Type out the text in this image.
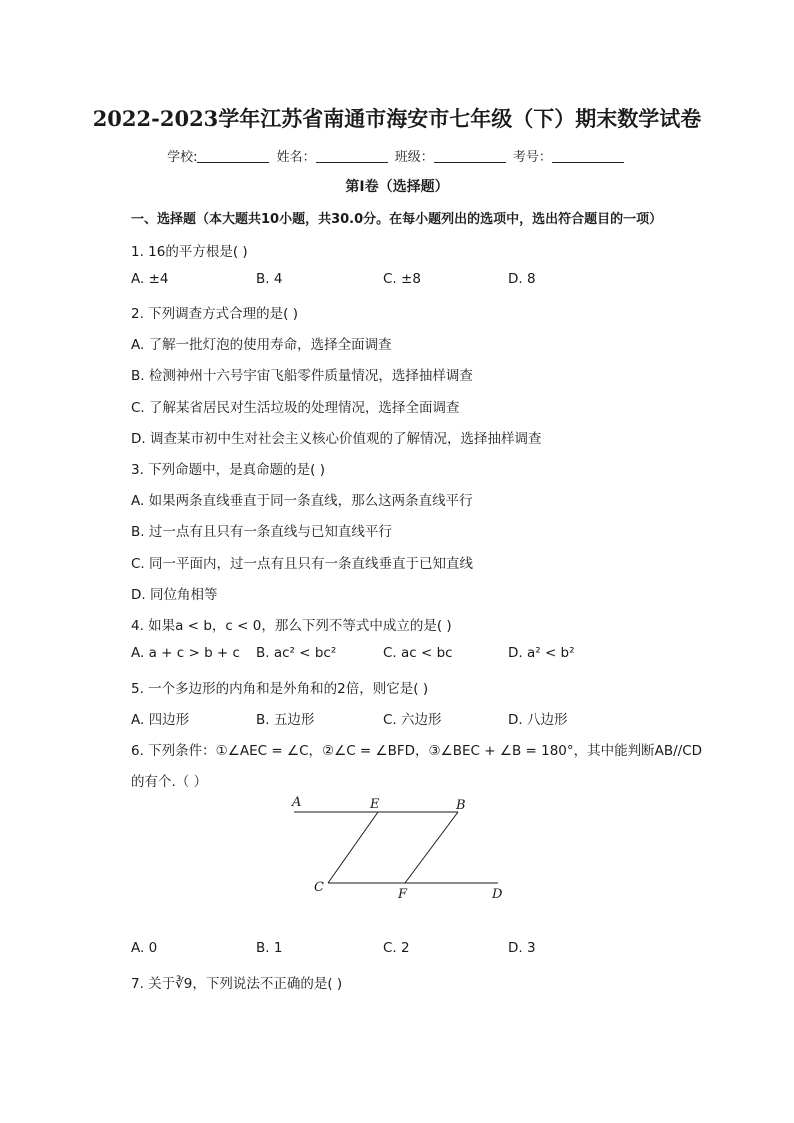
2022-2023学年江苏省南通市海安市七年级（下）期末数学试卷
学校:	姓名：	班级：	考号：
第I卷（选择题）
一、选择题（本大题共10小题，共30.0分。在每小题列出的选项中，选出符合题目的一项）
1. 16的平方根是( )
A. ±4	B. 4	C. ±8	D. 8
2. 下列调查方式合理的是( )
A. 了解一批灯泡的使用寿命，选择全面调查
B. 检测神州十六号宇宙飞船零件质量情况，选择抽样调查
C. 了解某省居民对生活垃圾的处理情况，选择全面调查
D. 调查某市初中生对社会主义核心价值观的了解情况，选择抽样调查
3. 下列命题中，是真命题的是( )
A. 如果两条直线垂直于同一条直线，那么这两条直线平行
B. 过一点有且只有一条直线与已知直线平行
C. 同一平面内，过一点有且只有一条直线垂直于已知直线
D. 同位角相等
4. 如果a < b，c < 0，那么下列不等式中成立的是( )
A. a + c > b + c B. ac² < bc²	C. ac < bc	D. a² < b²
5. 一个多边形的内角和是外角和的2倍，则它是( )
A. 四边形	B. 五边形	C. 六边形	D. 八边形
6. 下列条件：①∠AEC = ∠C，②∠C = ∠BFD，③∠BEC + ∠B = 180°，其中能判断AB//CD
的有个.（ ）
A	E	B
C	F	D
A. 0	B. 1	C. 2	D. 3
7. 关于∛9，下列说法不正确的是( )
